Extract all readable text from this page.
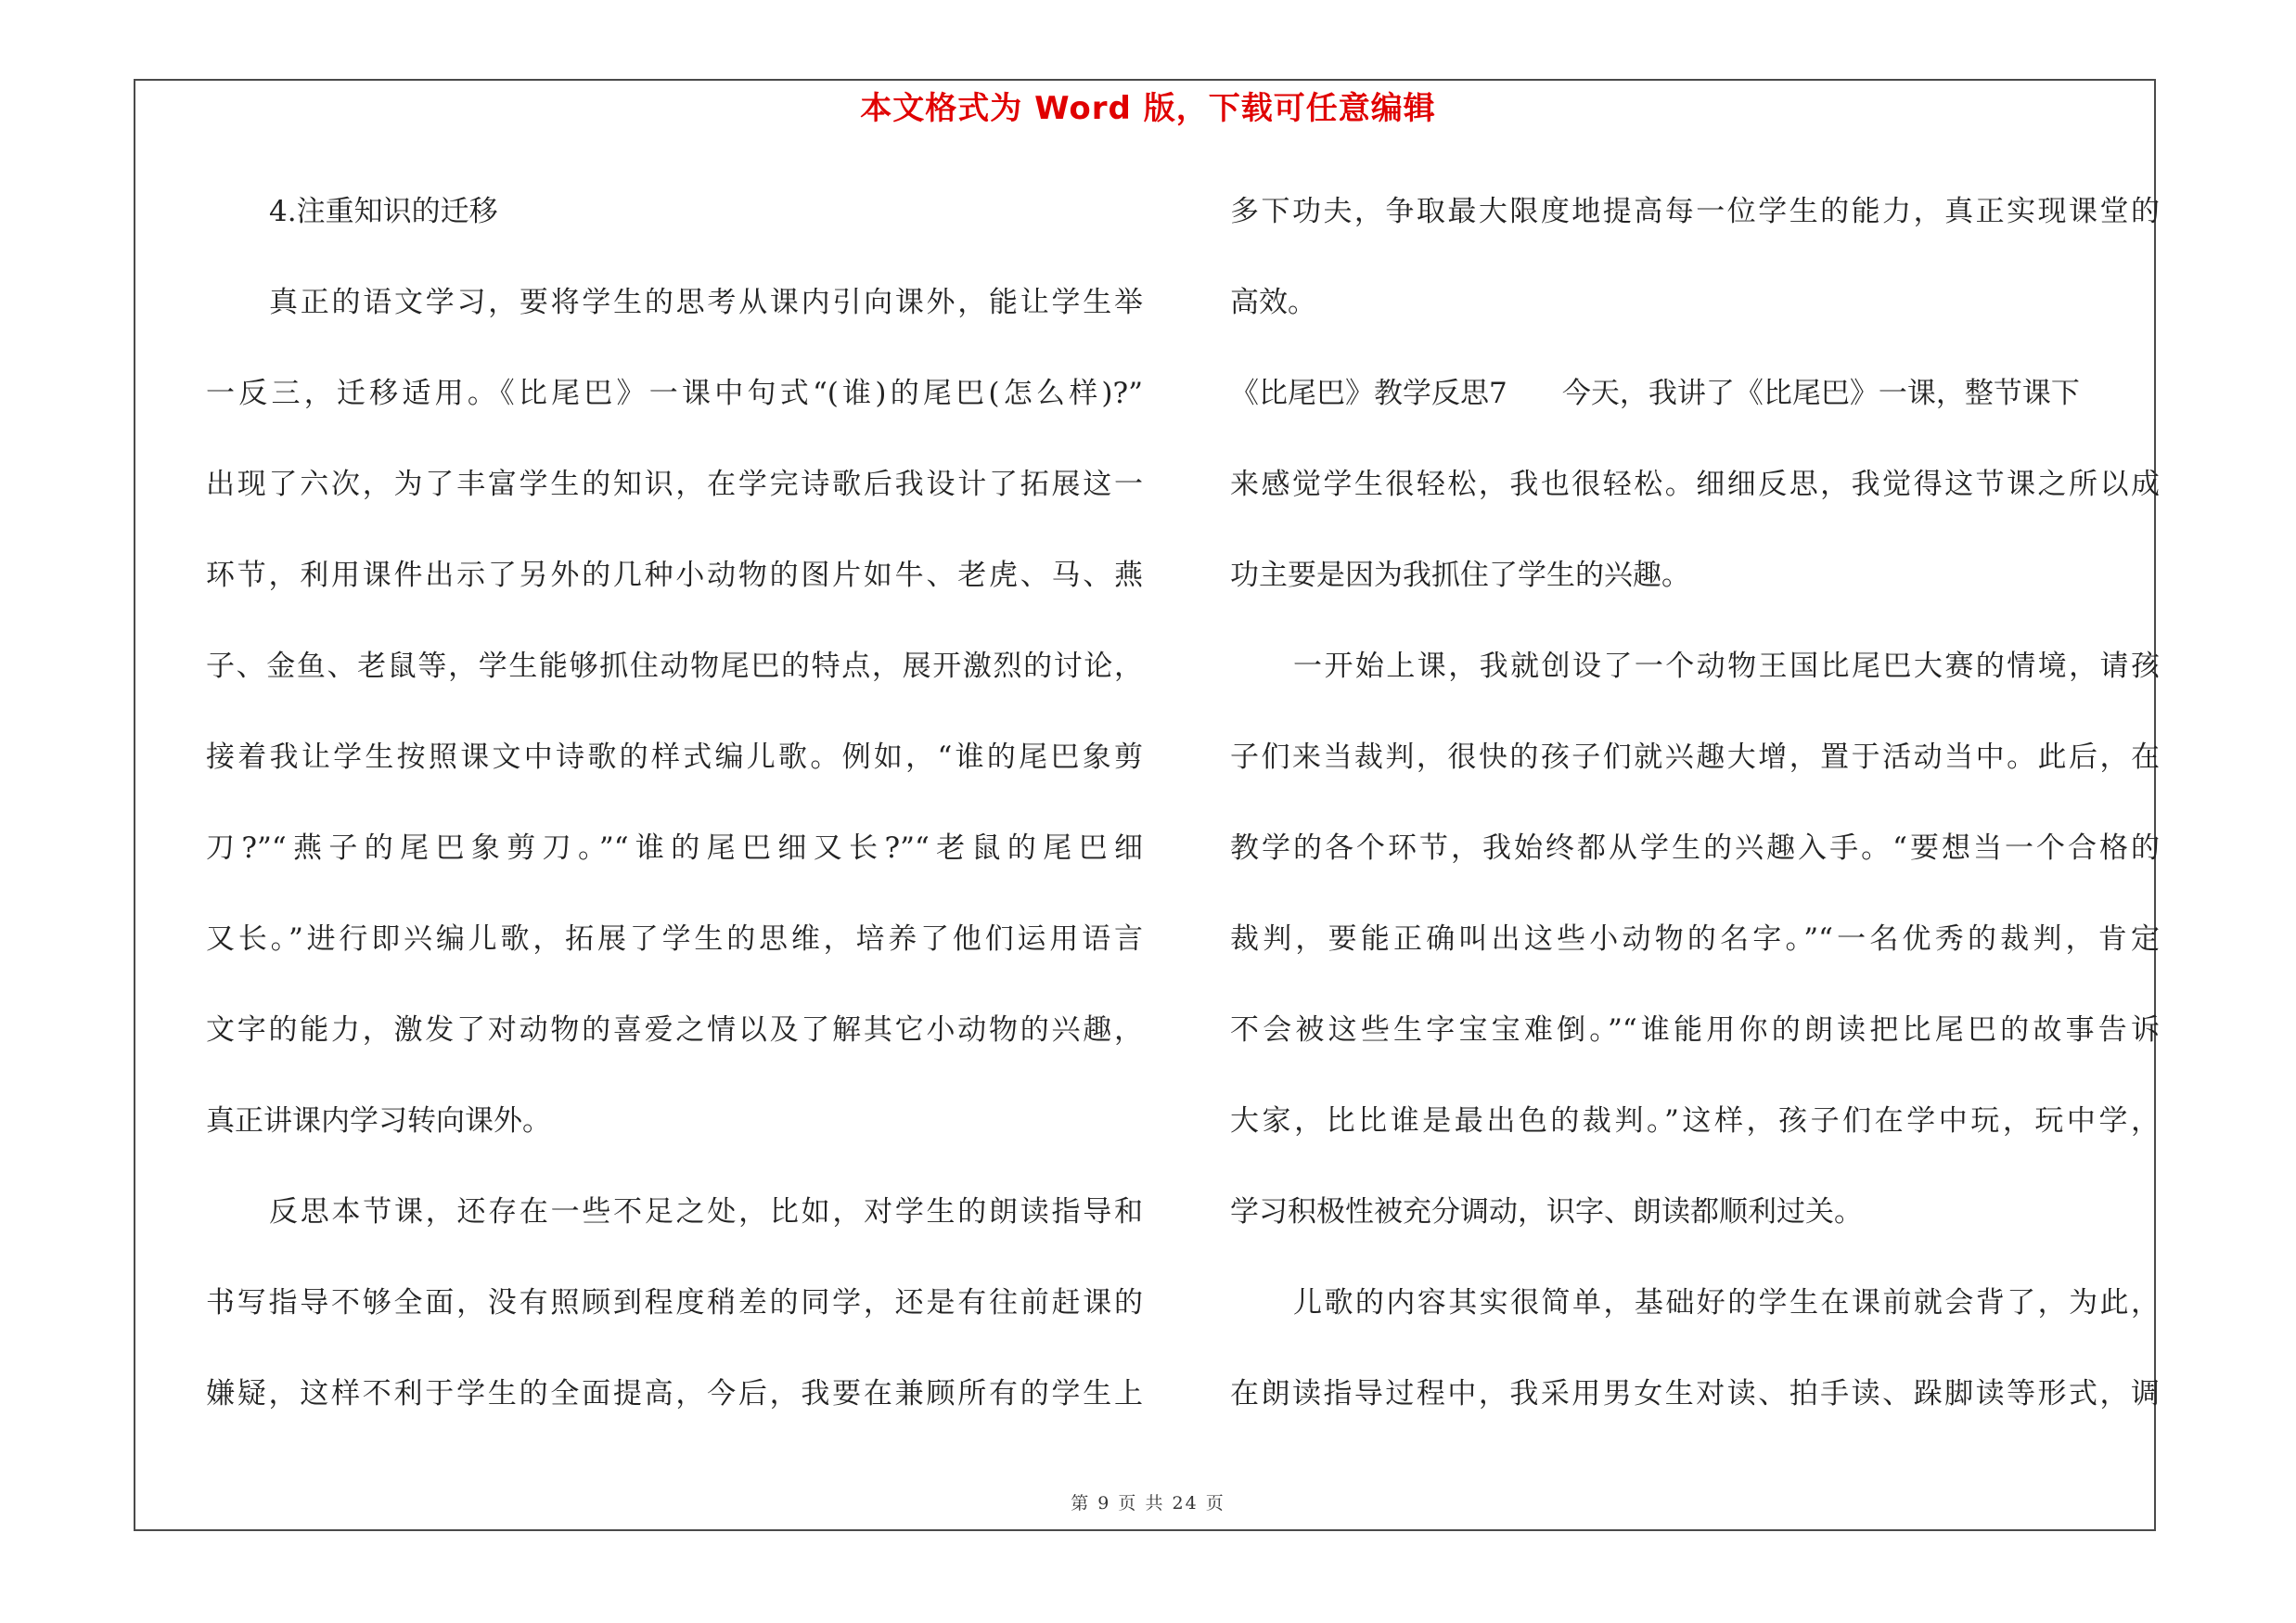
本文格式为 Word 版，下载可任意编辑
4.注重知识的迁移
真正的语文学习，要将学生的思考从课内引向课外，能让学生举
一反三，迁移适用。《比尾巴》一课中句式“(谁)的尾巴(怎么样)?”
出现了六次，为了丰富学生的知识，在学完诗歌后我设计了拓展这一
环节，利用课件出示了另外的几种小动物的图片如牛、老虎、马、燕
子、金鱼、老鼠等，学生能够抓住动物尾巴的特点，展开激烈的讨论，
接着我让学生按照课文中诗歌的样式编儿歌。例如，“谁的尾巴象剪
刀?”“燕子的尾巴象剪刀。”“谁的尾巴细又长?”“老鼠的尾巴细
又长。”进行即兴编儿歌，拓展了学生的思维，培养了他们运用语言
文字的能力，激发了对动物的喜爱之情以及了解其它小动物的兴趣，
真正讲课内学习转向课外。
反思本节课，还存在一些不足之处，比如，对学生的朗读指导和
书写指导不够全面，没有照顾到程度稍差的同学，还是有往前赶课的
嫌疑，这样不利于学生的全面提高，今后，我要在兼顾所有的学生上
多下功夫，争取最大限度地提高每一位学生的能力，真正实现课堂的
高效。
《比尾巴》教学反思7      今天，我讲了《比尾巴》一课，整节课下
来感觉学生很轻松，我也很轻松。细细反思，我觉得这节课之所以成
功主要是因为我抓住了学生的兴趣。
一开始上课，我就创设了一个动物王国比尾巴大赛的情境，请孩
子们来当裁判，很快的孩子们就兴趣大增，置于活动当中。此后，在
教学的各个环节，我始终都从学生的兴趣入手。“要想当一个合格的
裁判，要能正确叫出这些小动物的名字。”“一名优秀的裁判，肯定
不会被这些生字宝宝难倒。”“谁能用你的朗读把比尾巴的故事告诉
大家，比比谁是最出色的裁判。”这样，孩子们在学中玩，玩中学，
学习积极性被充分调动，识字、朗读都顺利过关。
儿歌的内容其实很简单，基础好的学生在课前就会背了，为此，
在朗读指导过程中，我采用男女生对读、拍手读、跺脚读等形式，调
第 9 页 共 24 页
